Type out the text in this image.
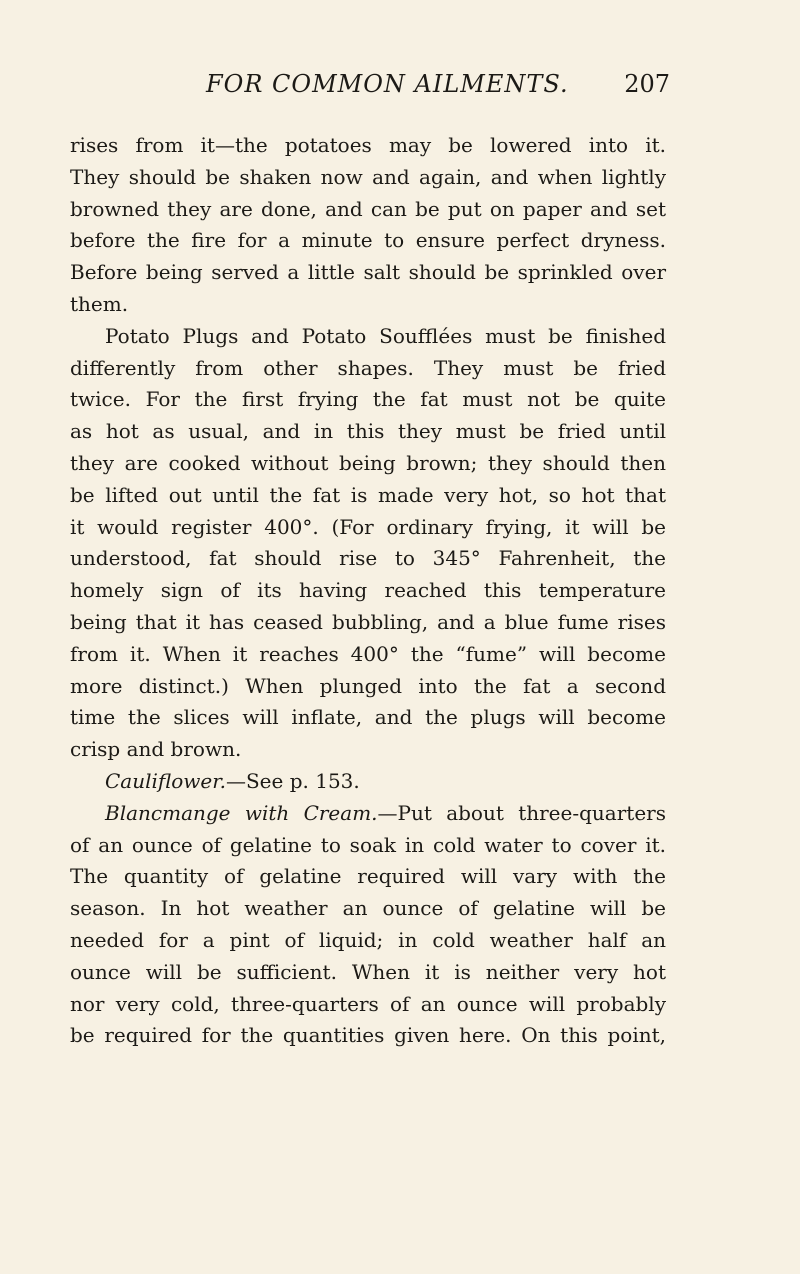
FOR COMMON AILMENTS. 207
rises from it—the potatoes may be lowered into it.
They should be shaken now and again, and when lightly
browned they are done, and can be put on paper and set
before the fire for a minute to ensure perfect dryness.
Before being served a little salt should be sprinkled over
them.
Potato Plugs and Potato Soufflées must be finished
differently from other shapes. They must be fried
twice. For the first frying the fat must not be quite
as hot as usual, and in this they must be fried until
they are cooked without being brown; they should then
be lifted out until the fat is made very hot, so hot that
it would register 400°. (For ordinary frying, it will be
understood, fat should rise to 345° Fahrenheit, the
homely sign of its having reached this temperature
being that it has ceased bubbling, and a blue fume rises
from it. When it reaches 400° the “fume” will become
more distinct.) When plunged into the fat a second
time the slices will inflate, and the plugs will become
crisp and brown.
Cauliflower.—See p. 153.
Blancmange with Cream.—Put about three-quarters
of an ounce of gelatine to soak in cold water to cover it.
The quantity of gelatine required will vary with the
season. In hot weather an ounce of gelatine will be
needed for a pint of liquid; in cold weather half an
ounce will be sufficient. When it is neither very hot
nor very cold, three-quarters of an ounce will probably
be required for the quantities given here. On this point,
